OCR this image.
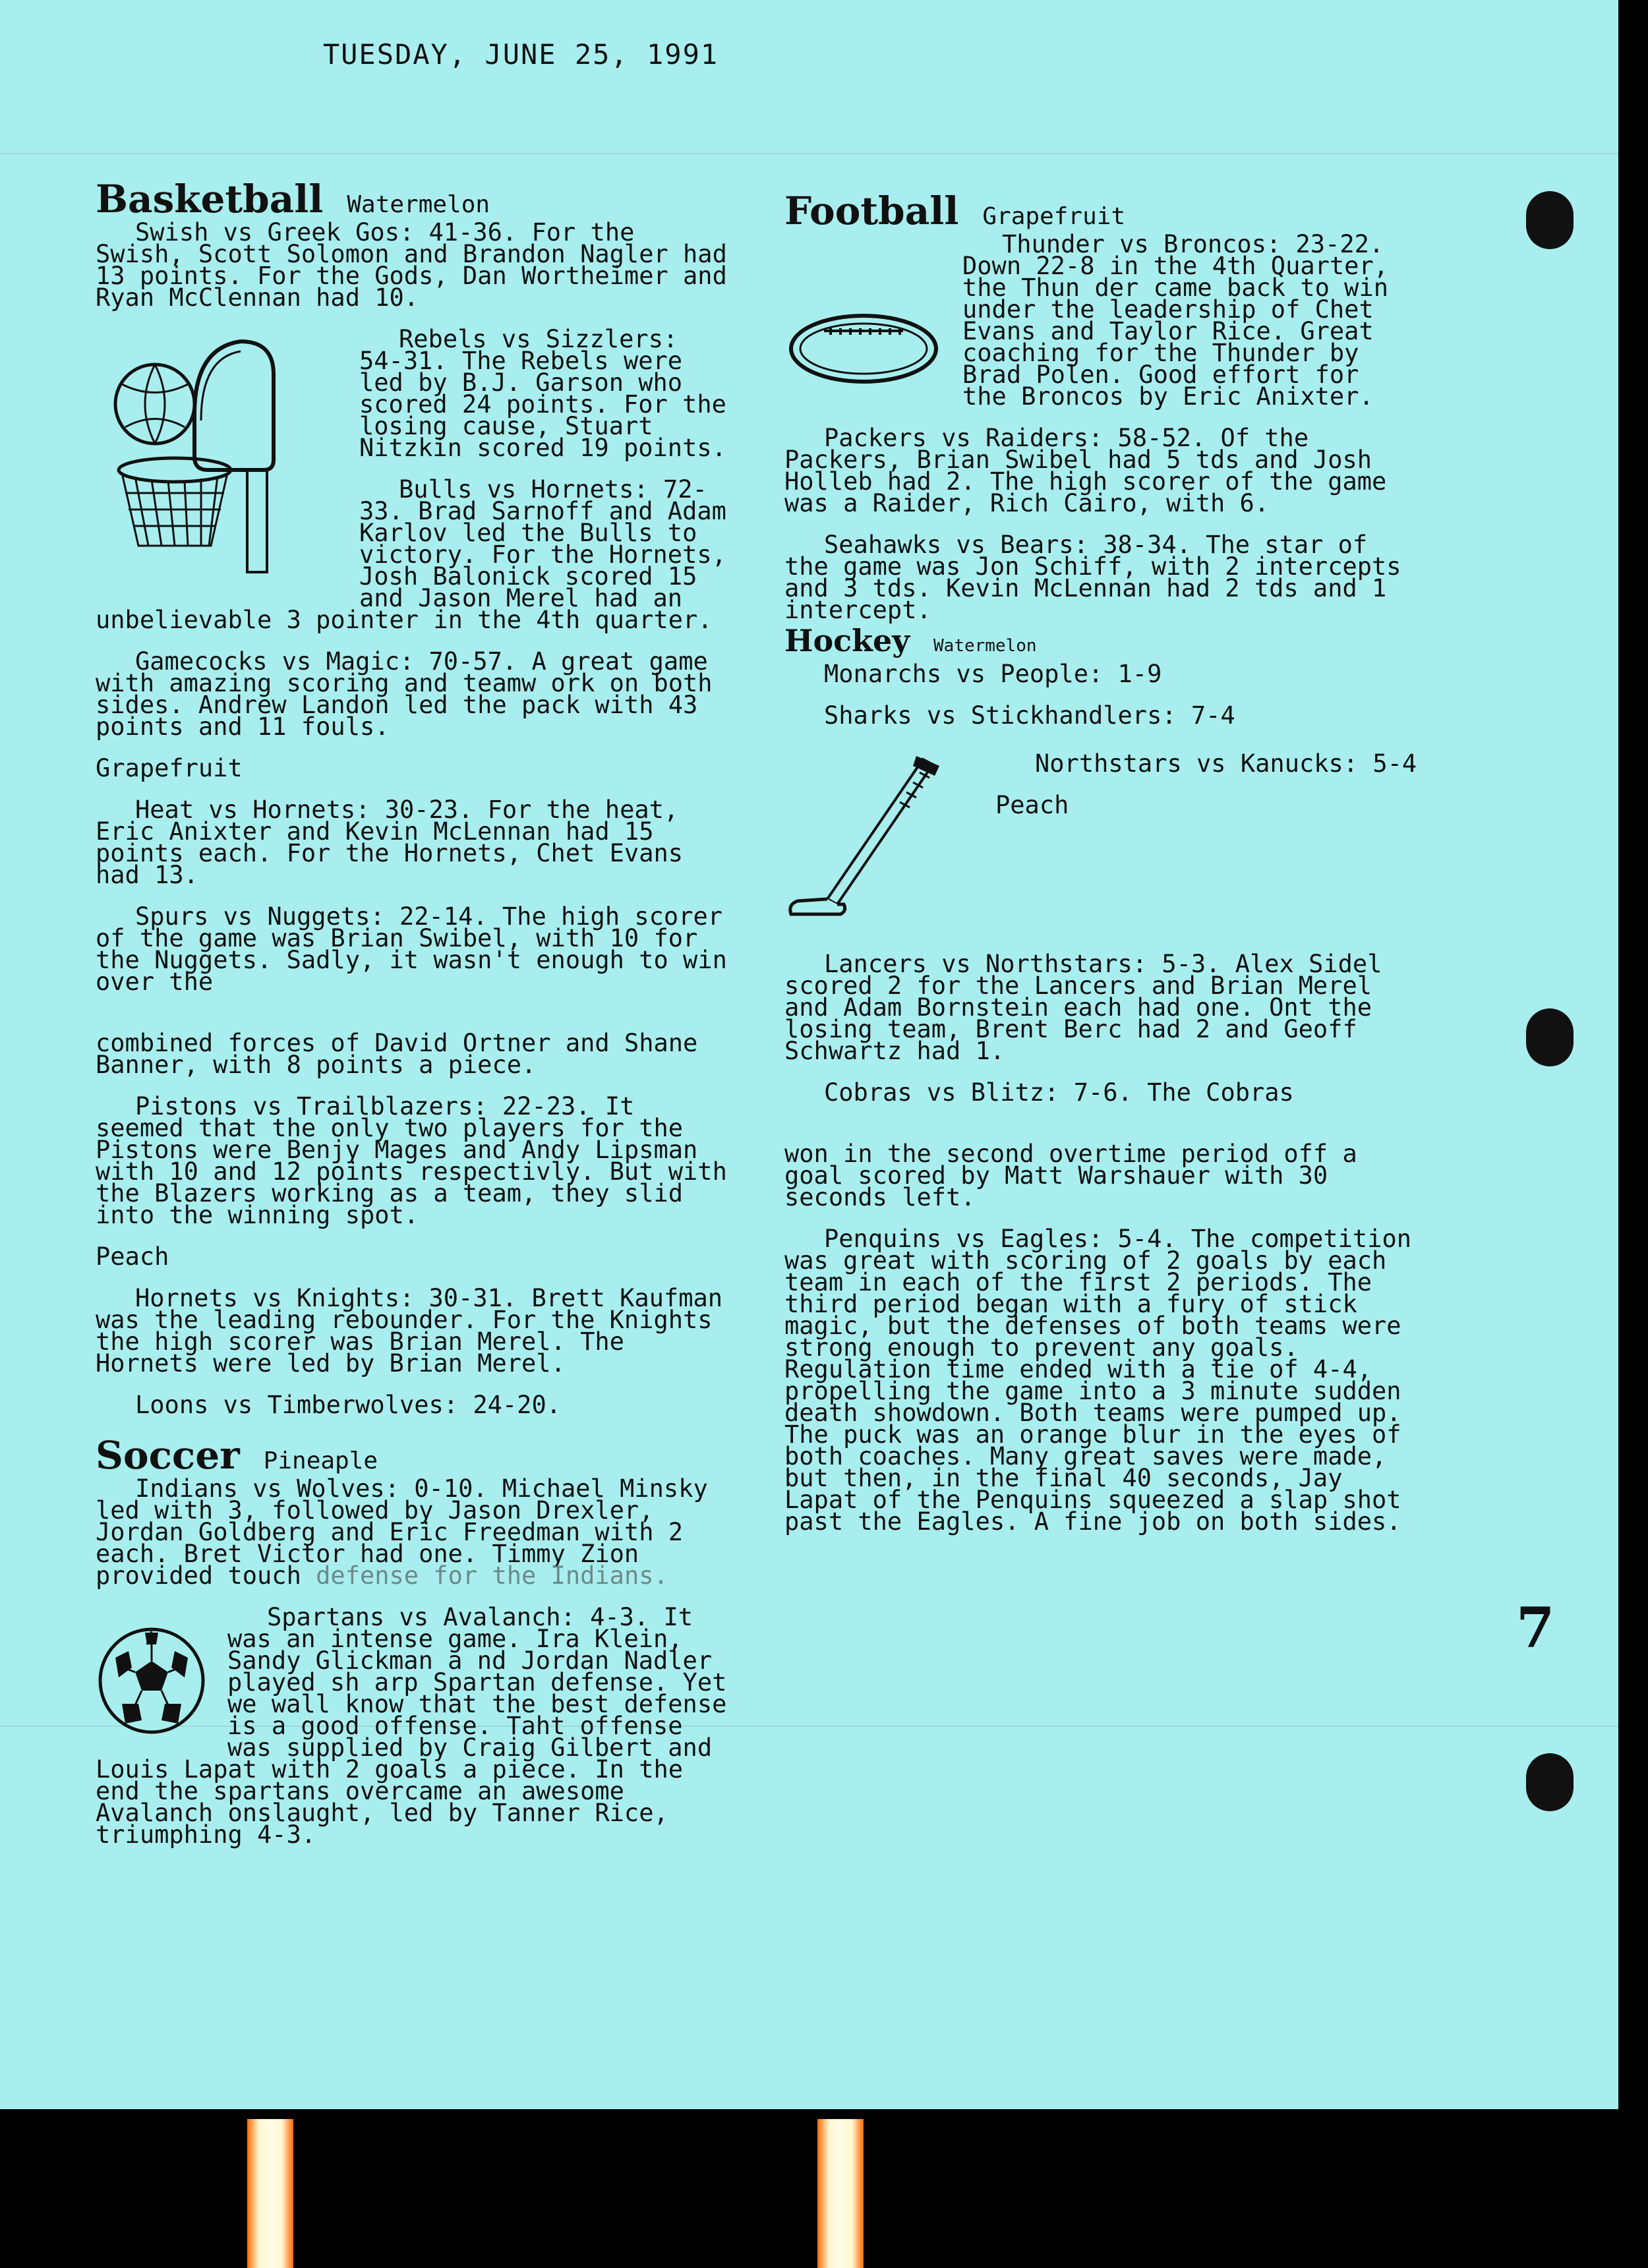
TUESDAY, JUNE 25, 1991
Basketball Watermelon

Swish vs Greek Gos: 41-36. For the Swish, Scott Solomon and Brandon Nagler had 13 points. For the Gods, Dan Wortheimer and Ryan McClennan had 10.

Rebels vs Sizzlers: 54-31. The Rebels were led by B.J. Garson who scored 24 points. For the losing cause, Stuart Nitzkin scored 19 points.

Bulls vs Hornets: 72-33. Brad Sarnoff and Adam Karlov led the Bulls to victory. For the Hornets, Josh Balonick scored 15 and Jason Merel had an unbelievable 3 pointer in the 4th quarter.

Gamecocks vs Magic: 70-57. A great game with amazing scoring and teamw ork on both sides. Andrew Landon led the pack with 43 points and 11 fouls.

Grapefruit

Heat vs Hornets: 30-23. For the heat, Eric Anixter and Kevin McLennan had 15 points each. For the Hornets, Chet Evans had 13.

Spurs vs Nuggets: 22-14. The high scorer of the game was Brian Swibel, with 10 for the Nuggets. Sadly, it wasn't enough to win over the

combined forces of David Ortner and Shane Banner, with 8 points a piece.

Pistons vs Trailblazers: 22-23. It seemed that the only two players for the Pistons were Benjy Mages and Andy Lipsman with 10 and 12 points respectivly. But with the Blazers working as a team, they slid into the winning spot.

Peach

Hornets vs Knights: 30-31. Brett Kaufman was the leading rebounder. For the Knights the high scorer was Brian Merel. The Hornets were led by Brian Merel.

Loons vs Timberwolves: 24-20.

Soccer Pineaple

Indians vs Wolves: 0-10. Michael Minsky led with 3, followed by Jason Drexler, Jordan Goldberg and Eric Freedman with 2 each. Bret Victor had one. Timmy Zion provided touch defense for the Indians.

Spartans vs Avalanch: 4-3. It was an intense game. Ira Klein, Sandy Glickman a nd Jordan Nadler played sh arp Spartan defense. Yet we wall know that the best defense is a good offense. Taht offense was supplied by Craig Gilbert and Louis Lapat with 2 goals a piece. In the end the spartans overcame an awesome Avalanch onslaught, led by Tanner Rice, triumphing 4-3.

Football Grapefruit

Thunder vs Broncos: 23-22. Down 22-8 in the 4th Quarter, the Thun der came back to win under the leadership of Chet Evans and Taylor Rice. Great coaching for the Thunder by Brad Polen. Good effort for the Broncos by Eric Anixter.

Packers vs Raiders: 58-52. Of the Packers, Brian Swibel had 5 tds and Josh Holleb had 2. The high scorer of the game was a Raider, Rich Cairo, with 6.

Seahawks vs Bears: 38-34. The star of the game was Jon Schiff, with 2 intercepts and 3 tds. Kevin McLennan had 2 tds and 1 intercept.

Hockey Watermelon
Monarchs vs People: 1-9
Sharks vs Stickhandlers: 7-4

Northstars vs Kanucks: 5-4

Peach

Lancers vs Northstars: 5-3. Alex Sidel scored 2 for the Lancers and Brian Merel and Adam Bornstein each had one. Ont the losing team, Brent Berc had 2 and Geoff Schwartz had 1.

Cobras vs Blitz: 7-6. The Cobras

won in the second overtime period off a goal scored by Matt Warshauer with 30 seconds left.

Penquins vs Eagles: 5-4. The competition was great with scoring of 2 goals by each team in each of the first 2 periods. The third period began with a fury of stick magic, but the defenses of both teams were strong enough to prevent any goals. Regulation time ended with a tie of 4-4, propelling the game into a 3 minute sudden death showdown. Both teams were pumped up. The puck was an orange blur in the eyes of both coaches. Many great saves were made, but then, in the final 40 seconds, Jay Lapat of the Penquins squeezed a slap shot past the Eagles. A fine job on both sides.

7
